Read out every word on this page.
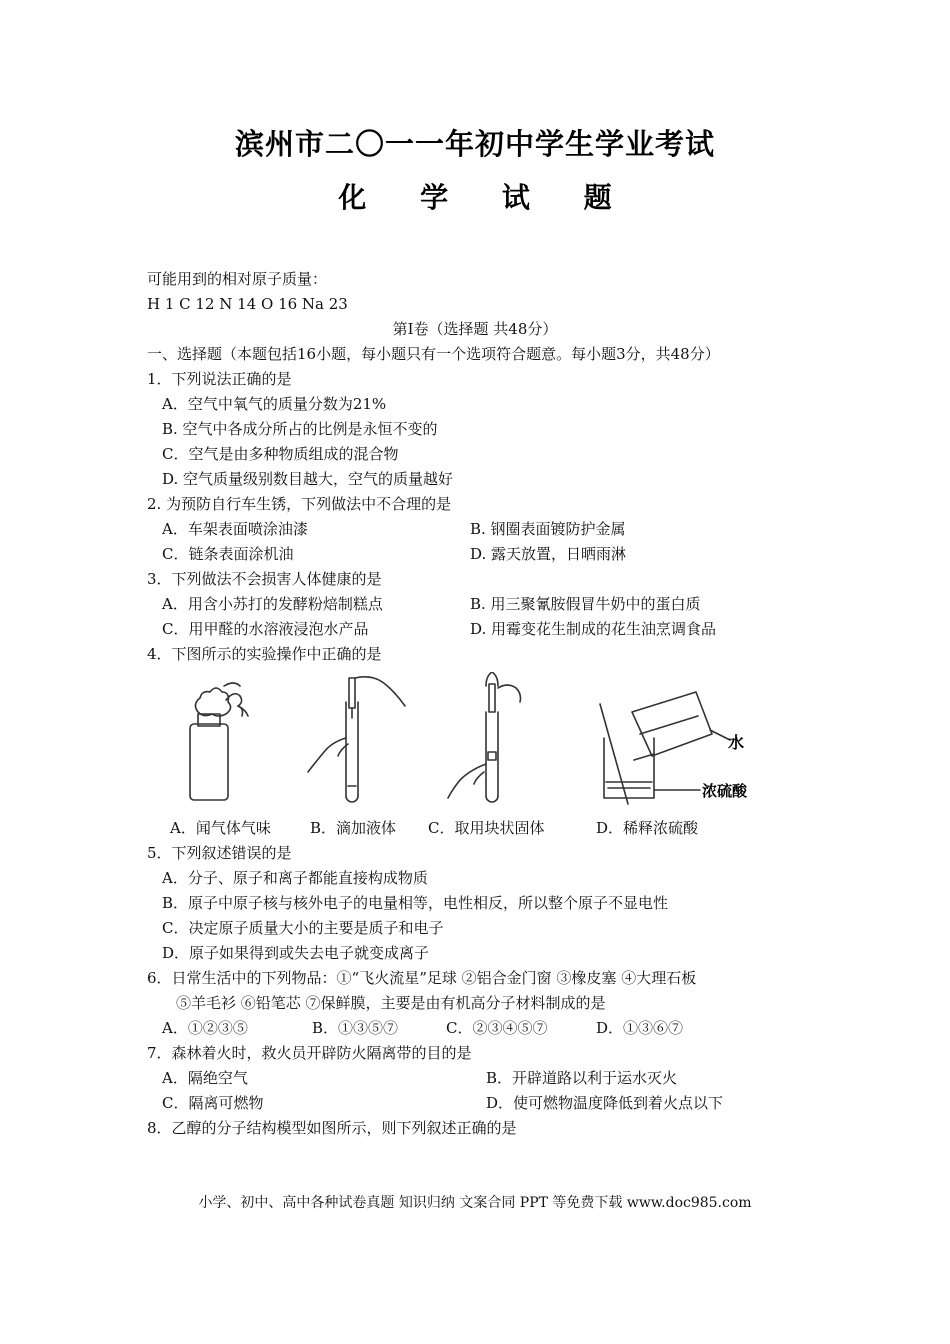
滨州市二〇一一年初中学生学业考试
化 学 试 题
可能用到的相对原子质量：
H 1 C 12 N 14 O 16 Na 23
第Ⅰ卷（选择题 共48分）
一、选择题（本题包括16小题，每小题只有一个选项符合题意。每小题3分，共48分）
1．下列说法正确的是
A．空气中氧气的质量分数为21%
B. 空气中各成分所占的比例是永恒不变的
C．空气是由多种物质组成的混合物
D. 空气质量级别数目越大，空气的质量越好
2. 为预防自行车生锈，下列做法中不合理的是
A．车架表面喷涂油漆	B. 钢圈表面镀防护金属
C．链条表面涂机油	D. 露天放置，日晒雨淋
3．下列做法不会损害人体健康的是
A．用含小苏打的发酵粉焙制糕点	B. 用三聚氰胺假冒牛奶中的蛋白质
C．用甲醛的水溶液浸泡水产品	D. 用霉变花生制成的花生油烹调食品
4．下图所示的实验操作中正确的是
水
浓硫酸
A．闻气体气味	B．滴加液体 C．取用块状固体	D．稀释浓硫酸
5．下列叙述错误的是
A．分子、原子和离子都能直接构成物质
B．原子中原子核与核外电子的电量相等，电性相反，所以整个原子不显电性
C．决定原子质量大小的主要是质子和电子
D．原子如果得到或失去电子就变成离子
6．日常生活中的下列物品：①“飞火流星”足球 ②铝合金门窗 ③橡皮塞 ④大理石板
⑤羊毛衫 ⑥铅笔芯 ⑦保鲜膜，主要是由有机高分子材料制成的是
A．①②③⑤	B．①③⑤⑦	C．②③④⑤⑦	D．①③⑥⑦
7．森林着火时，救火员开辟防火隔离带的目的是
A．隔绝空气	B．开辟道路以利于运水灭火
C．隔离可燃物	D．使可燃物温度降低到着火点以下
8．乙醇的分子结构模型如图所示，则下列叙述正确的是
小学、初中、高中各种试卷真题 知识归纳 文案合同 PPT 等免费下载 www.doc985.com
